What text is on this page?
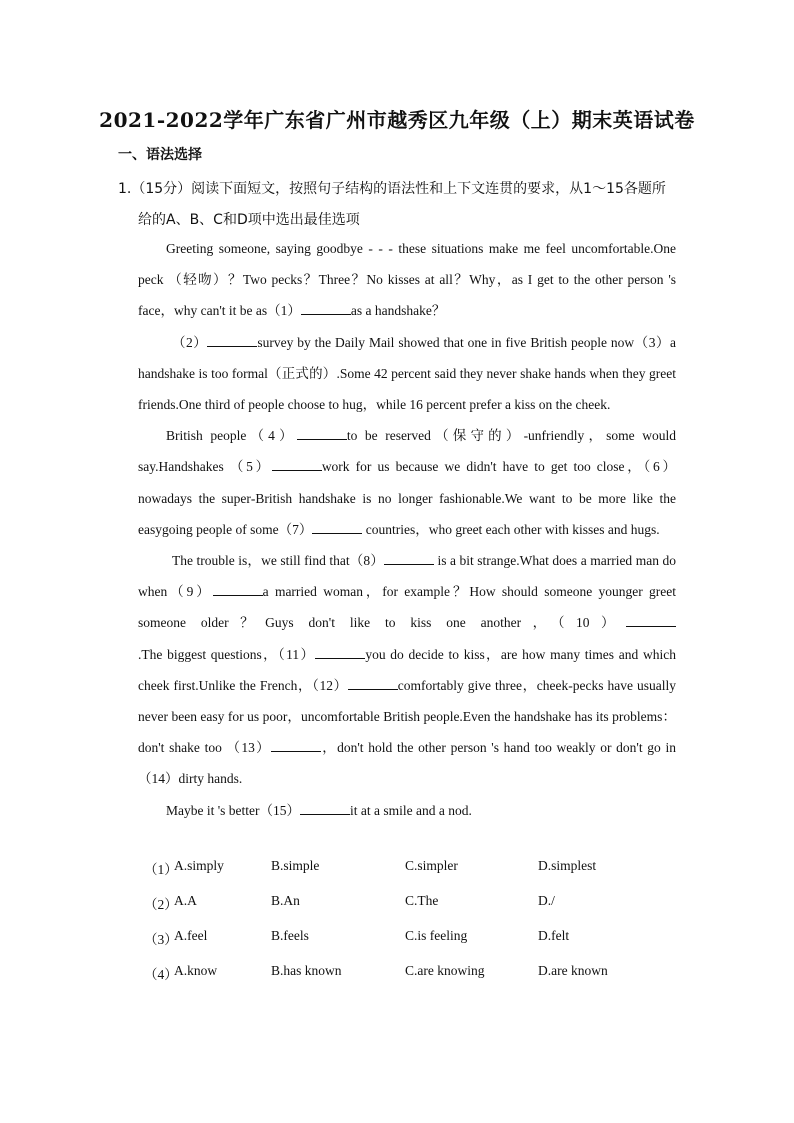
2021-2022学年广东省广州市越秀区九年级（上）期末英语试卷
一、语法选择
1.（15分）阅读下面短文，按照句子结构的语法性和上下文连贯的要求，从1～15各题所
给的A、B、C和D项中选出最佳选项

Greeting someone, saying goodbye ‐ ‐ ‐ these situations make me feel uncomfortable.One peck （轻吻）？Two pecks？Three？No kisses at all？Why，as I get to the other person 's face，why can't it be as（1）	as a handshake？

（2）	survey by the Daily Mail showed that one in five British people now（3）a handshake is too formal（正式的）.Some 42 percent said they never shake hands when they greet friends.One third of people choose to hug，while 16 percent prefer a kiss on the cheek.

British people（4）	to be reserved（保守的）‐unfriendly，some would say.Handshakes （5）	work for us because we didn't have to get too close，（6）nowadays the super‐British handshake is no longer fashionable.We want to be more like the easygoing people of some（7）	countries，who greet each other with kisses and hugs.

The trouble is，we still find that（8）	is a bit strange.What does a married man do when（9）	a married woman，for example？How should someone younger greet someone older？Guys don't like to kiss one another，（10）.The biggest questions，（11）	you do decide to kiss，are how many times and which cheek first.Unlike the French，（12）	comfortably give three，cheek‐pecks have usually never been easy for us poor，uncomfortable British people.Even the handshake has its problems：don't shake too （13）	，don't hold the other person 's hand too weakly or don't go in（14）dirty hands.

Maybe it 's better（15）	it at a smile and a nod.

（1）
A.simply	B.simple	C.simpler	D.simplest
（2）
A.A	B.An	C.The	D./
（3）
A.feel	B.feels	C.is feeling	D.felt
（4）
A.know	B.has known	C.are knowing	D.are known
